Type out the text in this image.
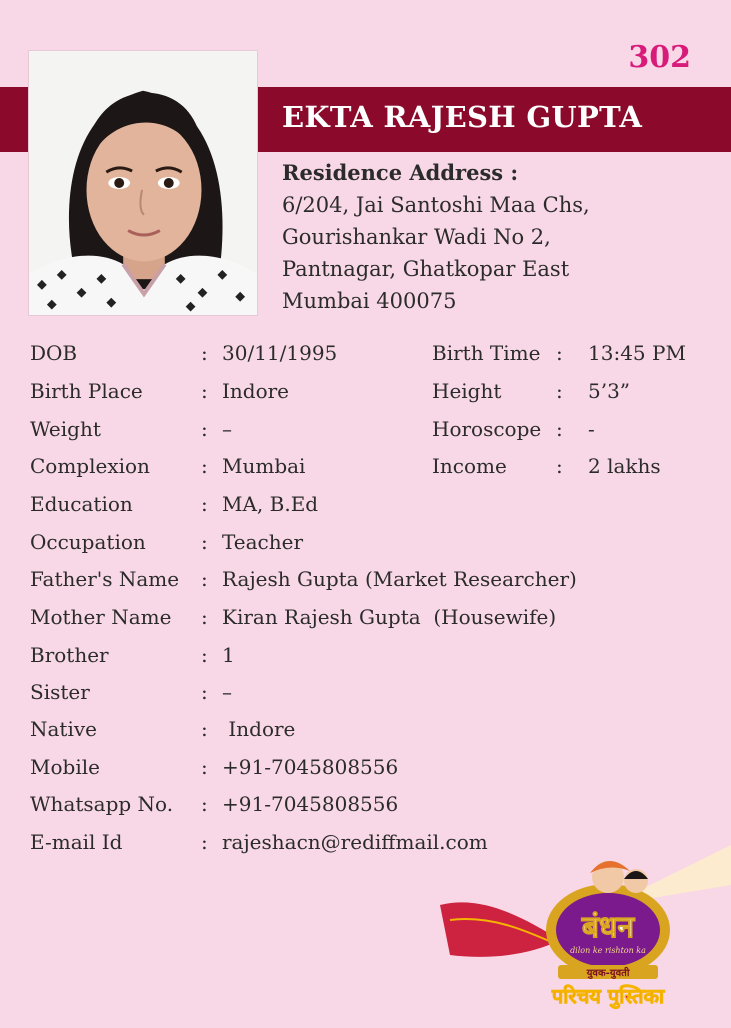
302
EKTA RAJESH GUPTA
Residence Address :
6/204, Jai Santoshi Maa Chs,
Gourishankar Wadi No 2,
Pantnagar, Ghatkopar East
Mumbai 400075
DOB	: 30/11/1995	Birth Time : 13:45 PM
Birth Place	: Indore	Height	: 5’3”
Weight	: –	Horoscope : -
Complexion	: Mumbai	Income : 2 lakhs
Education	: MA, B.Ed
Occupation	: Teacher
Father's Name : Rajesh Gupta (Market Researcher)
Mother Name : Kiran Rajesh Gupta  (Housewife)
Brother	: 1
Sister	: –
Native	: Indore
Mobile	: +91-7045808556
Whatsapp No. : +91-7045808556
E-mail Id	: rajeshacn@rediffmail.com
बंधन
dilon ke rishton ka
युवक-युवती
परिचय पुस्तिका
